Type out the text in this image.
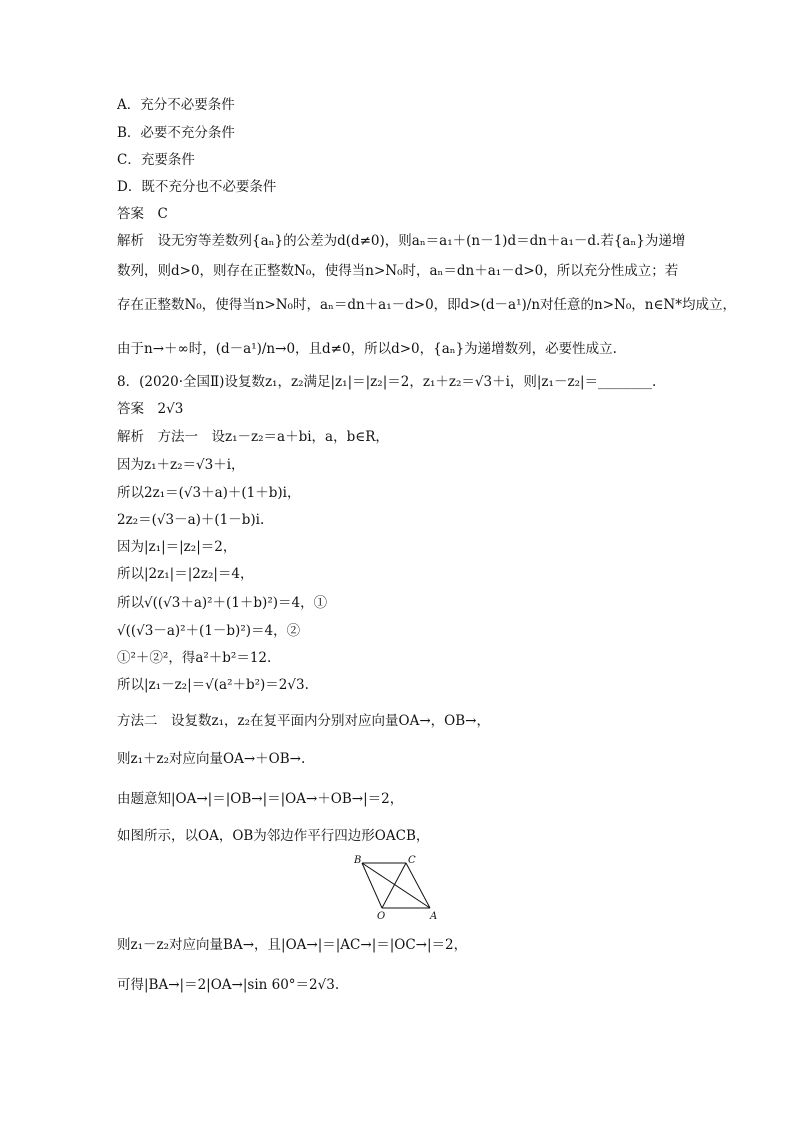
A．充分不必要条件
B．必要不充分条件
C．充要条件
D．既不充分也不必要条件
答案　C
解析　设无穷等差数列{aₙ}的公差为d(d≠0)，则aₙ＝a₁＋(n－1)d＝dn＋a₁－d.若{aₙ}为递增
数列，则d>0，则存在正整数N₀，使得当n>N₀时，aₙ＝dn＋a₁－d>0，所以充分性成立；若
存在正整数N₀，使得当n>N₀时，aₙ＝dn＋a₁－d>0，即d>(d－a¹)/n对任意的n>N₀，n∈N*均成立，
由于n→＋∞时，(d－a¹)/n→0，且d≠0，所以d>0，{aₙ}为递增数列，必要性成立.
8．(2020·全国Ⅱ)设复数z₁，z₂满足|z₁|＝|z₂|＝2，z₁＋z₂＝√3＋i，则|z₁－z₂|＝________.
答案　2√3
解析　方法一　设z₁－z₂＝a＋bi，a，b∈R，
因为z₁＋z₂＝√3＋i，
所以2z₁＝(√3＋a)＋(1＋b)i，
2z₂＝(√3－a)＋(1－b)i.
因为|z₁|＝|z₂|＝2，
所以|2z₁|＝|2z₂|＝4，
所以√((√3＋a)²＋(1＋b)²)＝4，①
√((√3－a)²＋(1－b)²)＝4，②
①²＋②²，得a²＋b²＝12.
所以|z₁－z₂|＝√(a²＋b²)＝2√3.
方法二　设复数z₁，z₂在复平面内分别对应向量OA→，OB→，
则z₁＋z₂对应向量OA→＋OB→.
由题意知|OA→|＝|OB→|＝|OA→＋OB→|＝2，
如图所示，以OA，OB为邻边作平行四边形OACB，
B	C
O	A
则z₁－z₂对应向量BA→，且|OA→|＝|AC→|＝|OC→|＝2，
可得|BA→|＝2|OA→|sin 60°＝2√3.
